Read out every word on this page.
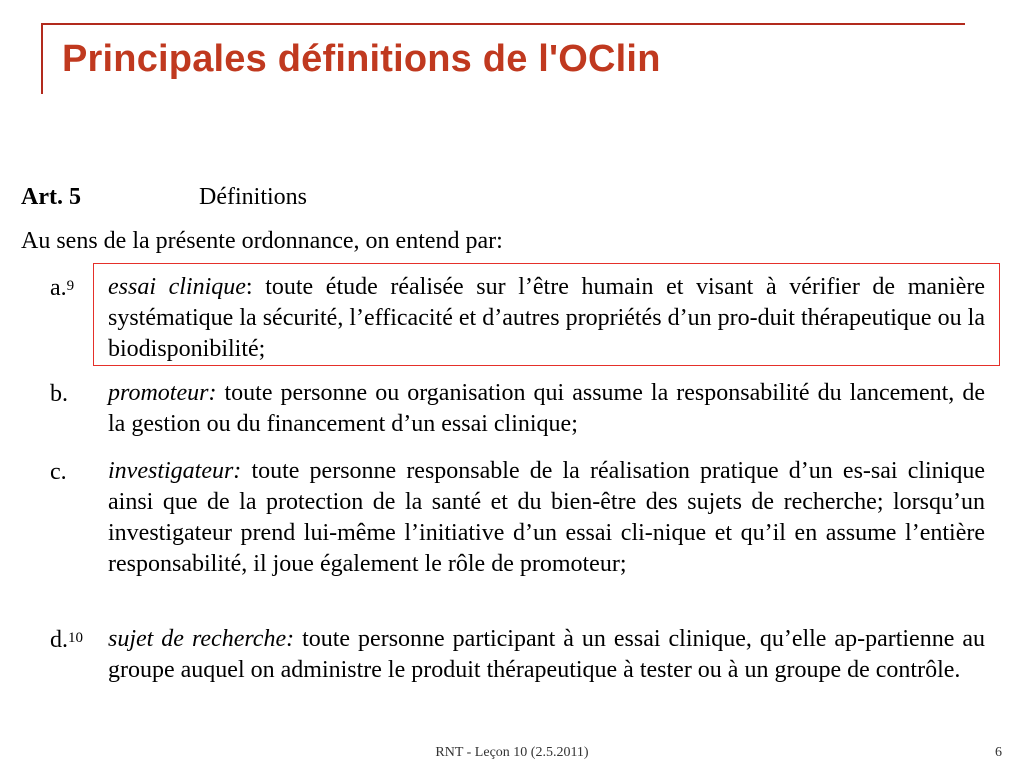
Principales définitions de l'OClin
Art. 5	Définitions
Au sens de la présente ordonnance, on entend par:
a.$^9$ essai clinique: toute étude réalisée sur l’être humain et visant à vérifier de manière systématique la sécurité, l’efficacité et d’autres propriétés d’un pro-duit thérapeutique ou la biodisponibilité;
b. promoteur: toute personne ou organisation qui assume la responsabilité du lancement, de la gestion ou du financement d’un essai clinique;
c. investigateur: toute personne responsable de la réalisation pratique d’un es-sai clinique ainsi que de la protection de la santé et du bien-être des sujets de recherche; lorsqu’un investigateur prend lui-même l’initiative d’un essai cli-nique et qu’il en assume l’entière responsabilité, il joue également le rôle de promoteur;
d.$^{10}$ sujet de recherche: toute personne participant à un essai clinique, qu’elle ap-partienne au groupe auquel on administre le produit thérapeutique à tester ou à un groupe de contrôle.
RNT - Leçon 10 (2.5.2011)	6
